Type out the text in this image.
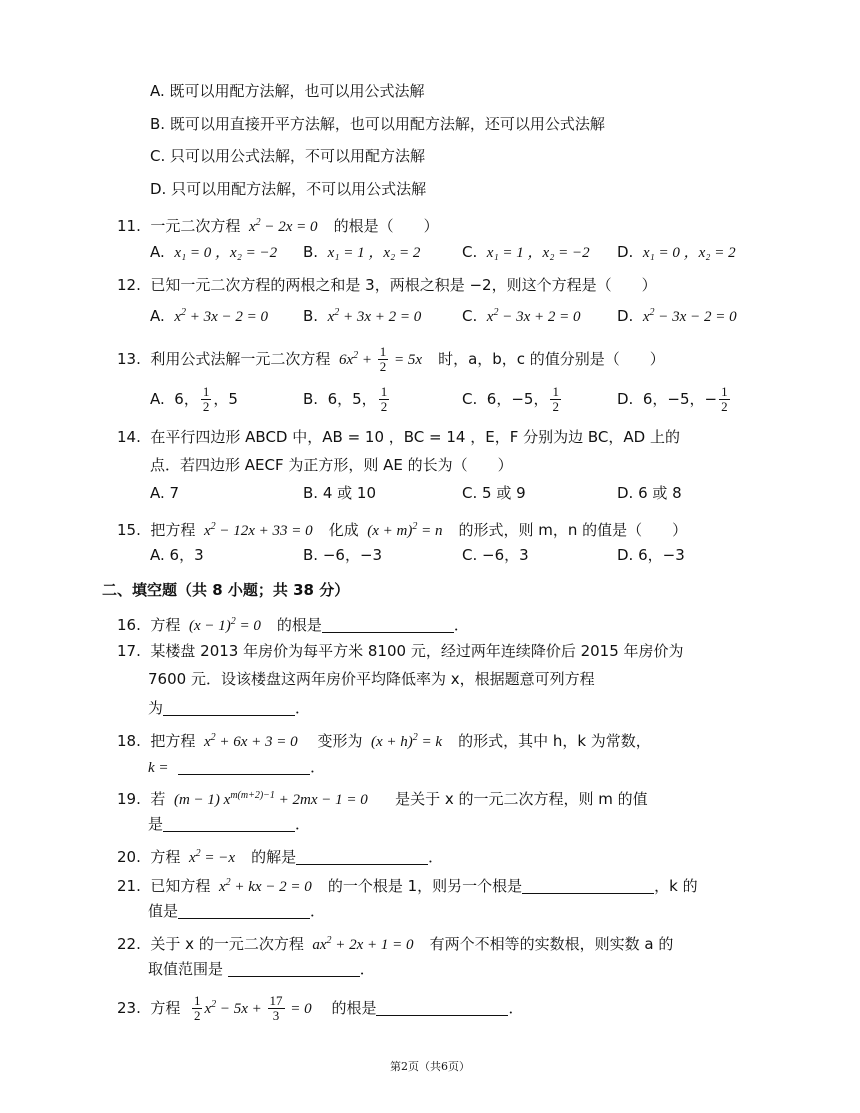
A. 既可以用配方法解，也可以用公式法解
B. 既可以用直接开平方法解，也可以用配方法解，还可以用公式法解
C. 只可以用公式法解，不可以用配方法解
D. 只可以用配方法解，不可以用公式法解
11. 一元二次方程  $x^2 - 2x = 0$    的根是（　　）
A. x₁ = 0 ，x₂ = −2 B. x₁ = 1 ，x₂ = 2	C. x₁ = 1 ，x₂ = −2 D. x₁ = 0 ，x₂ = 2
12. 已知一元二次方程的两根之和是 3，两根之积是 −2，则这个方程是（　　）
A. $x^2 + 3x - 2 = 0$ B. $x^2 + 3x + 2 = 0$	C. $x^2 - 3x + 2 = 0$ D. $x^2 - 3x - 2 = 0$
13. 利用公式法解一元二次方程  $6x^2 + \frac{1}{2} = 5x$    时，a，b，c 的值分别是（　　）
A.  6， $\frac{1}{2}$ ，5	B.  6，5， $\frac{1}{2}$	C.  6，−5， $\frac{1}{2}$	D.  6，−5，− $\frac{1}{2}$
14. 在平行四边形 ABCD 中，AB = 10 ，BC = 14 ，E，F 分别为边 BC，AD 上的
点．若四边形 AECF 为正方形，则 AE 的长为（　　）
A. 7	B. 4 或 10	C. 5 或 9	D. 6 或 8
15. 把方程  $x^2 - 12x + 33 = 0$    化成  $(x + m)^2 = n$    的形式，则 m，n 的值是（　　）
A. 6，3	B. −6，−3	C. −6，3	D. 6，−3
二、填空题（共 8 小题；共 38 分）
16. 方程  $(x - 1)^2 = 0$    的根是	．
17. 某楼盘 2013 年房价为每平方米 8100 元，经过两年连续降价后 2015 年房价为
7600 元．设该楼盘这两年房价平均降低率为 x，根据题意可列方程
为	．
18. 把方程  $x^2 + 6x + 3 = 0$     变形为  $(x + h)^2 = k$    的形式，其中 h，k 为常数，
k =	．
19. 若  (m − 1) $x^{m(m+2)-1} + 2mx - 1 = 0$       是关于 x 的一元二次方程，则 m 的值
是	．
20. 方程  $x^2 = -x$    的解是	．
21. 已知方程  $x^2$ + kx − 2 = 0    的一个根是 1，则另一个根是	，k 的
值是	．
22. 关于 x 的一元二次方程  $ax^2 + 2x + 1 = 0$    有两个不相等的实数根，则实数 a 的
取值范围是	．
23. 方程 $\frac{1}{2} x^2 - 5x + \frac{17}{3} = 0$     的根是	．
第2页（共6页）
